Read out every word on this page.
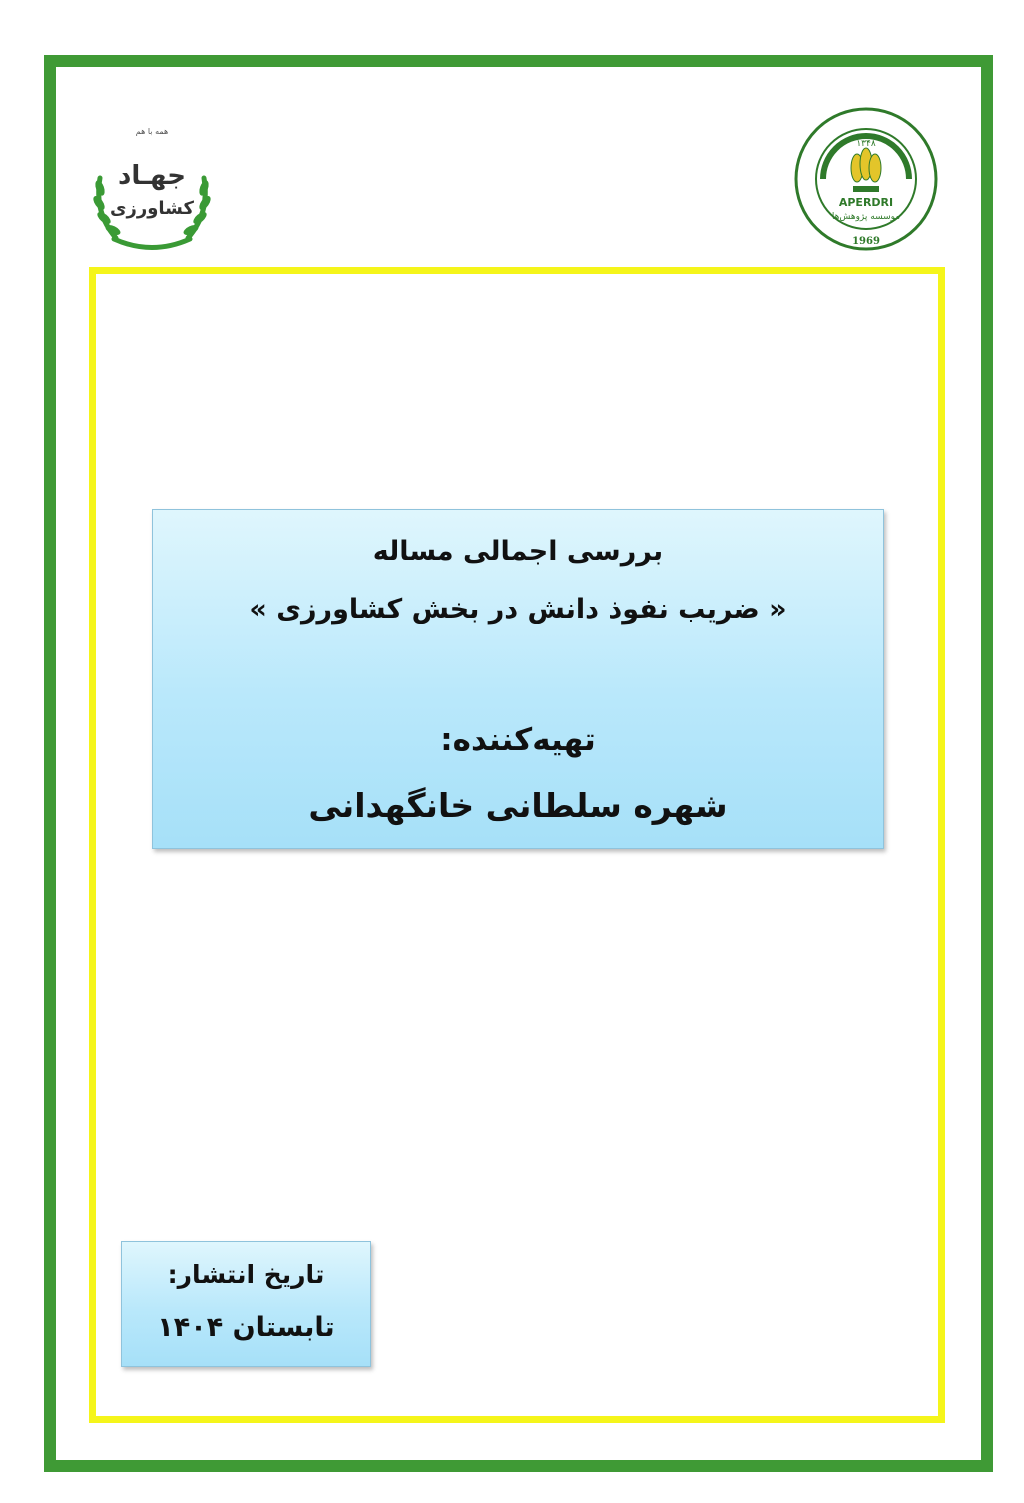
همه با هم
جهـاد
کشاورزی	APERDRI
موسسه پژوهش‌ها
۱۳۴۸
1969
بررسی اجمالی مساله
« ضریب نفوذ دانش در بخش کشاورزی »
تهیه‌کننده:
شهره سلطانی خانگهدانی
تاریخ انتشار:
تابستان ۱۴۰۴
